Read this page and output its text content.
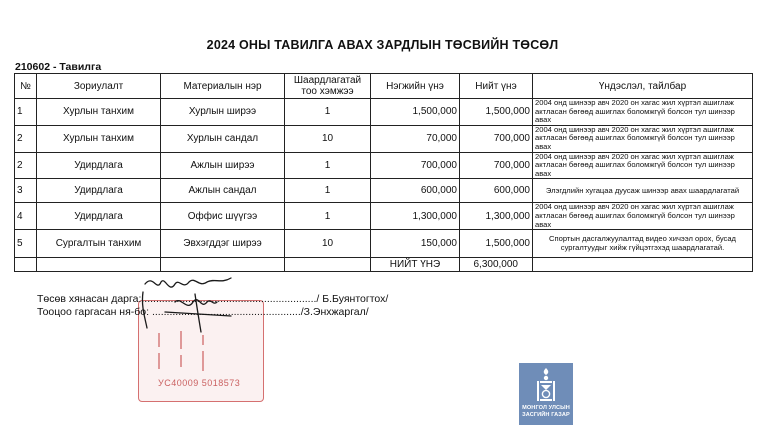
2024 ОНЫ ТАВИЛГА АВАХ ЗАРДЛЫН ТӨСВИЙН ТӨСӨЛ
210602 - Тавилга
№	Зориулалт	Материалын нэр	Шаардлагатай
тоо хэмжээ	Нэгжийн үнэ	Нийт үнэ	Үндэслэл, тайлбар
1	Хурлын танхим	Хурлын ширээ	1	1,500,000	1,500,000	2004 онд шинээр авч 2020 он хагас жил хүртэл ашиглаж актласан бөгөөд ашиглах боломжгүй болсон тул шинээр авах
2	Хурлын танхим	Хурлын сандал	10	70,000	700,000	2004 онд шинээр авч 2020 он хагас жил хүртэл ашиглаж актласан бөгөөд ашиглах боломжгүй болсон тул шинээр авах
2	Удирдлага	Ажлын ширээ	1	700,000	700,000	2004 онд шинээр авч 2020 он хагас жил хүртэл ашиглаж актласан бөгөөд ашиглах боломжгүй болсон тул шинээр авах
3	Удирдлага	Ажлын сандал	1	600,000	600,000	Элэгдлийн хугацаа дуусаж шинээр авах шаардлагатай
4	Удирдлага	Оффис шүүгээ	1	1,300,000	1,300,000	2004 онд шинээр авч 2020 он хагас жил хүртэл ашиглаж актласан бөгөөд ашиглах боломжгүй болсон тул шинээр авах
5	Сургалтын танхим	Эвхэгддэг ширээ	10	150,000	1,500,000	Спортын дасгалжуулалтад видео хичээл орох, бусад сургалтуудыг хийж гүйцэтгэхэд шаардлагатай.
				НИЙТ ҮНЭ	6,300,000	
УС40009 5018573
Төсөв хянасан дарга:............................................................/ Б.Буянтогтох/
Тооцоо гаргасан ня-бо: .................................................../З.Энхжаргал/
МОНГОЛ УЛСЫН
ЗАСГИЙН ГАЗАР
